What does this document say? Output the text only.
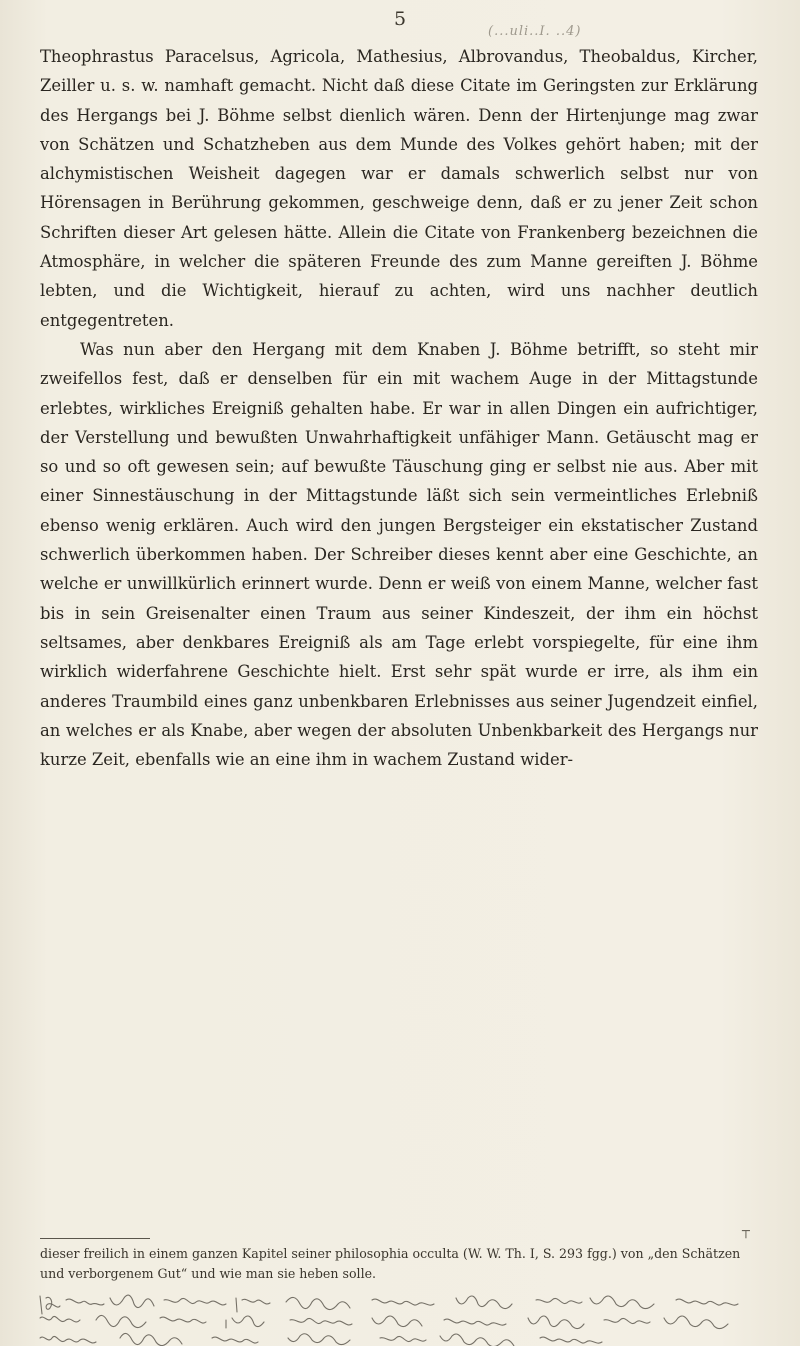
5
(...uli..I. ..4)

Theophrastus Paracelsus, Agricola, Mathesius, Albrovandus, Theobaldus, Kircher, Zeiller u. s. w. namhaft gemacht. Nicht daß diese Citate im Geringsten zur Erklärung des Hergangs bei J. Böhme selbst dienlich wären. Denn der Hirtenjunge mag zwar von Schätzen und Schatzheben aus dem Munde des Volkes gehört haben; mit der alchymistischen Weisheit dagegen war er damals schwerlich selbst nur von Hörensagen in Berührung gekommen, geschweige denn, daß er zu jener Zeit schon Schriften dieser Art gelesen hätte. Allein die Citate von Frankenberg bezeichnen die Atmosphäre, in welcher die späteren Freunde des zum Manne gereiften J. Böhme lebten, und die Wichtigkeit, hierauf zu achten, wird uns nachher deutlich entgegentreten.

Was nun aber den Hergang mit dem Knaben J. Böhme betrifft, so steht mir zweifellos fest, daß er denselben für ein mit wachem Auge in der Mittagstunde erlebtes, wirkliches Ereigniß gehalten habe. Er war in allen Dingen ein aufrichtiger, der Verstellung und bewußten Unwahrhaftigkeit unfähiger Mann. Getäuscht mag er so und so oft gewesen sein; auf bewußte Täuschung ging er selbst nie aus. Aber mit einer Sinnestäuschung in der Mittagstunde läßt sich sein vermeintliches Erlebniß ebenso wenig erklären. Auch wird den jungen Bergsteiger ein ekstatischer Zustand schwerlich überkommen haben. Der Schreiber dieses kennt aber eine Geschichte, an welche er unwillkürlich erinnert wurde. Denn er weiß von einem Manne, welcher fast bis in sein Greisenalter einen Traum aus seiner Kindeszeit, der ihm ein höchst seltsames, aber denkbares Ereigniß als am Tage erlebt vorspiegelte, für eine ihm wirklich widerfahrene Geschichte hielt. Erst sehr spät wurde er irre, als ihm ein anderes Traumbild eines ganz unbenkbaren Erlebnisses aus seiner Jugendzeit einfiel, an welches er als Knabe, aber wegen der absoluten Unbenkbarkeit des Hergangs nur kurze Zeit, ebenfalls wie an eine ihm in wachem Zustand wider-

┬

dieser freilich in einem ganzen Kapitel seiner philosophia occulta (W. W. Th. I, S. 293 fgg.) von „den Schätzen und verborgenem Gut“ und wie man sie heben solle.
